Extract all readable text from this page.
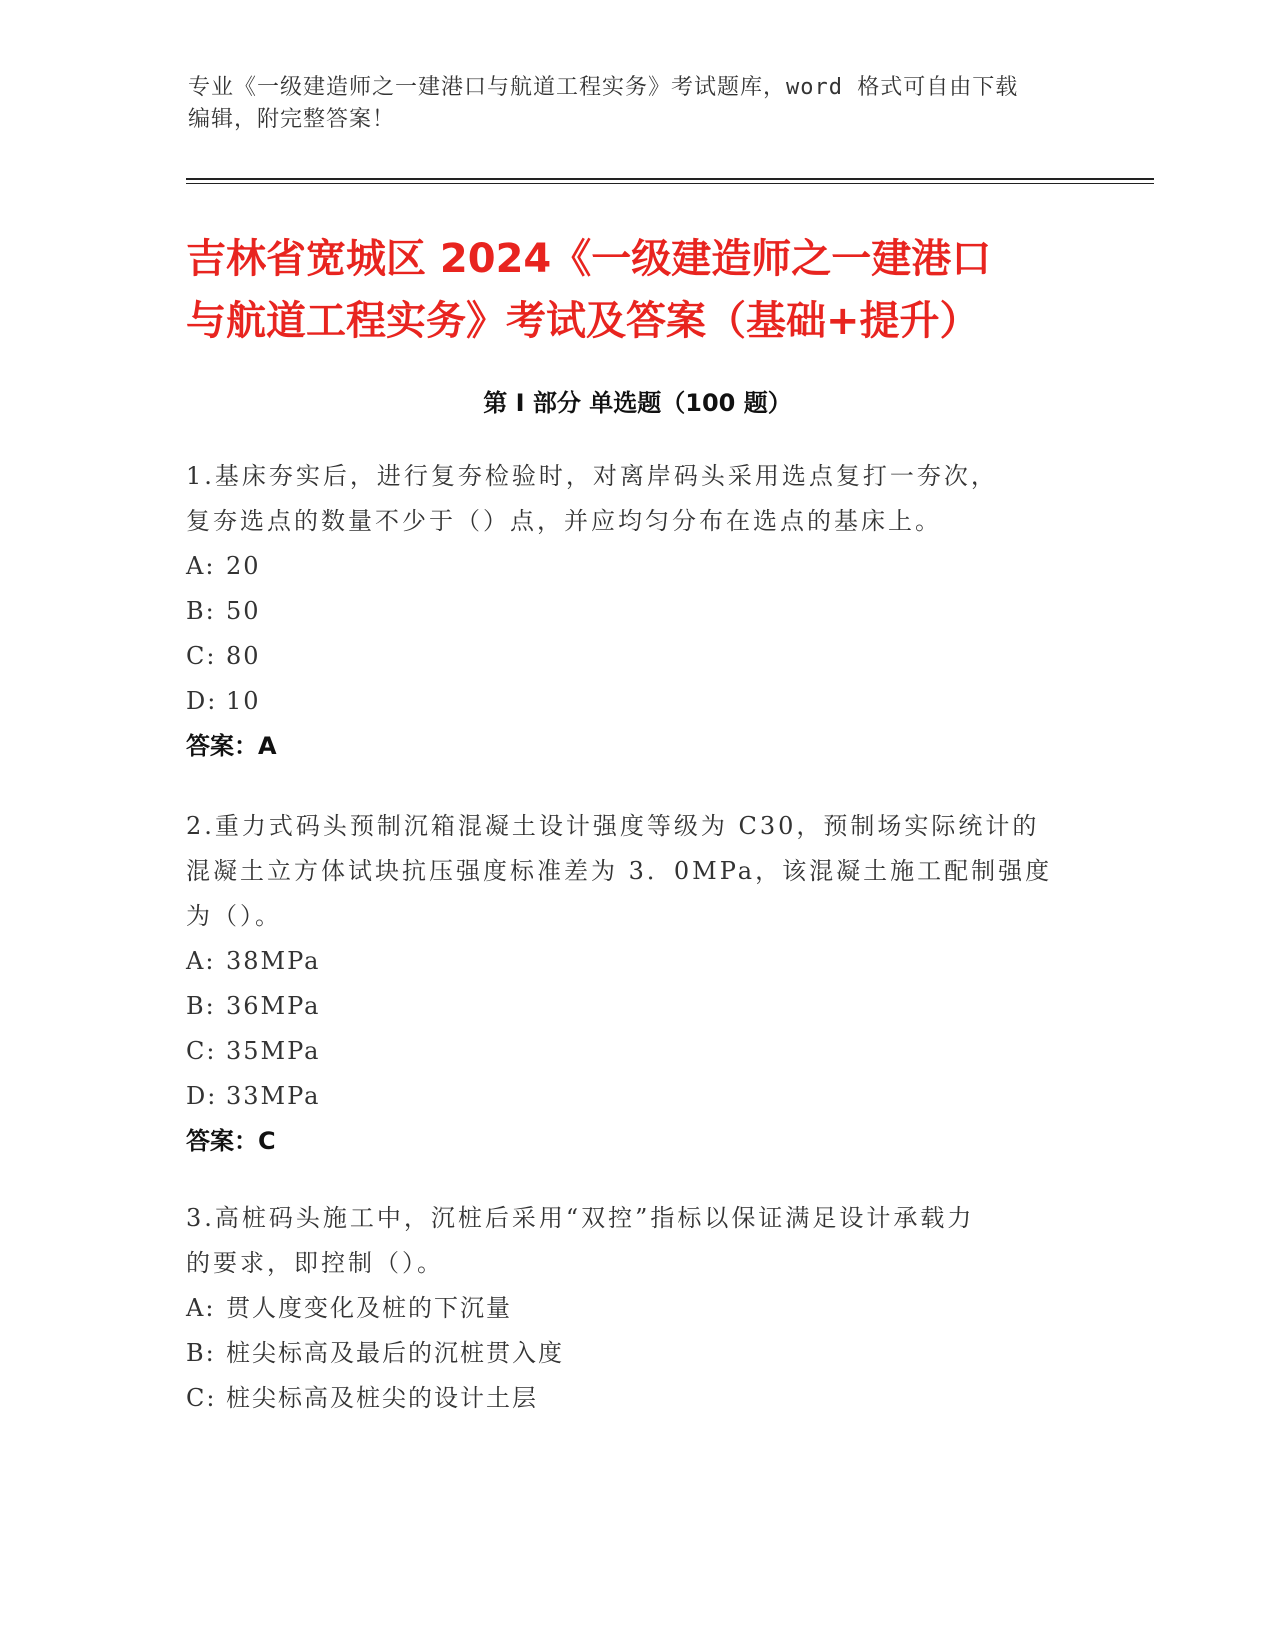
专业《一级建造师之一建港口与航道工程实务》考试题库，word 格式可自由下载
编辑，附完整答案！
吉林省宽城区 2024《一级建造师之一建港口
与航道工程实务》考试及答案（基础+提升）
第 I 部分 单选题（100 题）

1.基床夯实后，进行复夯检验时，对离岸码头采用选点复打一夯次，

复夯选点的数量不少于（）点，并应均匀分布在选点的基床上。

A: 20

B: 50

C: 80

D: 10

答案：A

2.重力式码头预制沉箱混凝土设计强度等级为 C30，预制场实际统计的

混凝土立方体试块抗压强度标准差为 3．0MPa，该混凝土施工配制强度

为（）。

A: 38MPa

B: 36MPa

C: 35MPa

D: 33MPa

答案：C

3.高桩码头施工中，沉桩后采用“双控”指标以保证满足设计承载力

的要求，即控制（）。

A: 贯人度变化及桩的下沉量

B: 桩尖标高及最后的沉桩贯入度

C: 桩尖标高及桩尖的设计土层
